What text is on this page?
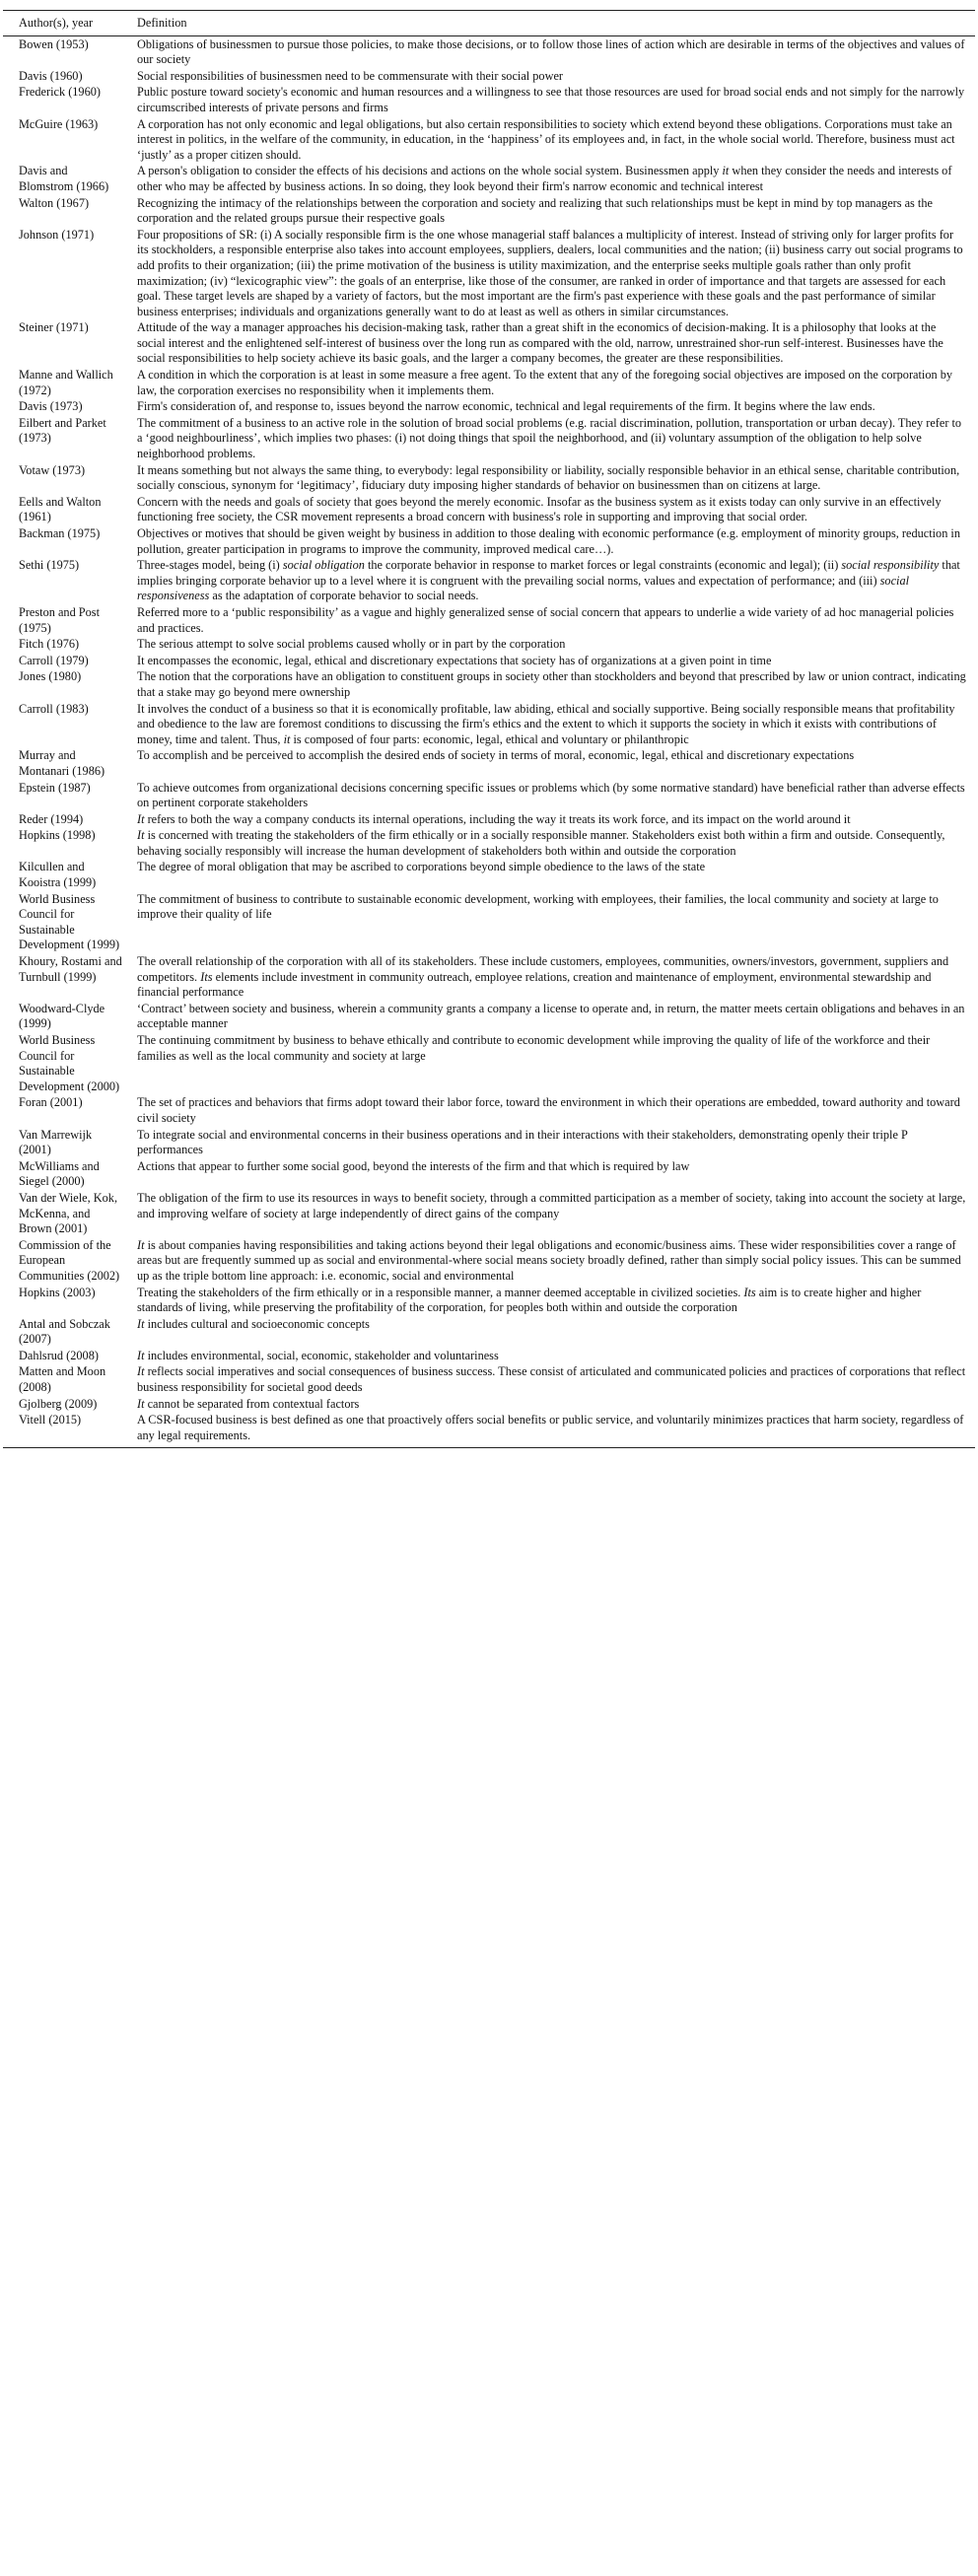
Author(s), year	Definition
Bowen (1953)	Obligations of businessmen to pursue those policies, to make those decisions, or to follow those lines of action which are desirable in terms of the objectives and values of our society
Davis (1960)	Social responsibilities of businessmen need to be commensurate with their social power
Frederick (1960)	Public posture toward society's economic and human resources and a willingness to see that those resources are used for broad social ends and not simply for the narrowly circumscribed interests of private persons and firms
McGuire (1963)	A corporation has not only economic and legal obligations, but also certain responsibilities to society which extend beyond these obligations. Corporations must take an interest in politics, in the welfare of the community, in education, in the ‘happiness’ of its employees and, in fact, in the whole social world. Therefore, business must act ‘justly’ as a proper citizen should.
Davis and Blomstrom (1966)	A person's obligation to consider the effects of his decisions and actions on the whole social system. Businessmen apply it when they consider the needs and interests of other who may be affected by business actions. In so doing, they look beyond their firm's narrow economic and technical interest
Walton (1967)	Recognizing the intimacy of the relationships between the corporation and society and realizing that such relationships must be kept in mind by top managers as the corporation and the related groups pursue their respective goals
Johnson (1971)	Four propositions of SR: (i) A socially responsible firm is the one whose managerial staff balances a multiplicity of interest. Instead of striving only for larger profits for its stockholders, a responsible enterprise also takes into account employees, suppliers, dealers, local communities and the nation; (ii) business carry out social programs to add profits to their organization; (iii) the prime motivation of the business is utility maximization, and the enterprise seeks multiple goals rather than only profit maximization; (iv) “lexicographic view”: the goals of an enterprise, like those of the consumer, are ranked in order of importance and that targets are assessed for each goal. These target levels are shaped by a variety of factors, but the most important are the firm's past experience with these goals and the past performance of similar business enterprises; individuals and organizations generally want to do at least as well as others in similar circumstances.
Steiner (1971)	Attitude of the way a manager approaches his decision-making task, rather than a great shift in the economics of decision-making. It is a philosophy that looks at the social interest and the enlightened self-interest of business over the long run as compared with the old, narrow, unrestrained shor-run self-interest. Businesses have the social responsibilities to help society achieve its basic goals, and the larger a company becomes, the greater are these responsibilities.
Manne and Wallich (1972)	A condition in which the corporation is at least in some measure a free agent. To the extent that any of the foregoing social objectives are imposed on the corporation by law, the corporation exercises no responsibility when it implements them.
Davis (1973)	Firm's consideration of, and response to, issues beyond the narrow economic, technical and legal requirements of the firm. It begins where the law ends.
Eilbert and Parket (1973)	The commitment of a business to an active role in the solution of broad social problems (e.g. racial discrimination, pollution, transportation or urban decay). They refer to a ‘good neighbourliness’, which implies two phases: (i) not doing things that spoil the neighborhood, and (ii) voluntary assumption of the obligation to help solve neighborhood problems.
Votaw (1973)	It means something but not always the same thing, to everybody: legal responsibility or liability, socially responsible behavior in an ethical sense, charitable contribution, socially conscious, synonym for ‘legitimacy’, fiduciary duty imposing higher standards of behavior on businessmen than on citizens at large.
Eells and Walton (1961)	Concern with the needs and goals of society that goes beyond the merely economic. Insofar as the business system as it exists today can only survive in an effectively functioning free society, the CSR movement represents a broad concern with business's role in supporting and improving that social order.
Backman (1975)	Objectives or motives that should be given weight by business in addition to those dealing with economic performance (e.g. employment of minority groups, reduction in pollution, greater participation in programs to improve the community, improved medical care…).
Sethi (1975)	Three-stages model, being (i) social obligation the corporate behavior in response to market forces or legal constraints (economic and legal); (ii) social responsibility that implies bringing corporate behavior up to a level where it is congruent with the prevailing social norms, values and expectation of performance; and (iii) social responsiveness as the adaptation of corporate behavior to social needs.
Preston and Post (1975)	Referred more to a ‘public responsibility’ as a vague and highly generalized sense of social concern that appears to underlie a wide variety of ad hoc managerial policies and practices.
Fitch (1976)	The serious attempt to solve social problems caused wholly or in part by the corporation
Carroll (1979)	It encompasses the economic, legal, ethical and discretionary expectations that society has of organizations at a given point in time
Jones (1980)	The notion that the corporations have an obligation to constituent groups in society other than stockholders and beyond that prescribed by law or union contract, indicating that a stake may go beyond mere ownership
Carroll (1983)	It involves the conduct of a business so that it is economically profitable, law abiding, ethical and socially supportive. Being socially responsible means that profitability and obedience to the law are foremost conditions to discussing the firm's ethics and the extent to which it supports the society in which it exists with contributions of money, time and talent. Thus, it is composed of four parts: economic, legal, ethical and voluntary or philanthropic
Murray and Montanari (1986)	To accomplish and be perceived to accomplish the desired ends of society in terms of moral, economic, legal, ethical and discretionary expectations
Epstein (1987)	To achieve outcomes from organizational decisions concerning specific issues or problems which (by some normative standard) have beneficial rather than adverse effects on pertinent corporate stakeholders
Reder (1994)	It refers to both the way a company conducts its internal operations, including the way it treats its work force, and its impact on the world around it
Hopkins (1998)	It is concerned with treating the stakeholders of the firm ethically or in a socially responsible manner. Stakeholders exist both within a firm and outside. Consequently, behaving socially responsibly will increase the human development of stakeholders both within and outside the corporation
Kilcullen and Kooistra (1999)	The degree of moral obligation that may be ascribed to corporations beyond simple obedience to the laws of the state
World Business Council for Sustainable Development (1999)	The commitment of business to contribute to sustainable economic development, working with employees, their families, the local community and society at large to improve their quality of life
Khoury, Rostami and Turnbull (1999)	The overall relationship of the corporation with all of its stakeholders. These include customers, employees, communities, owners/investors, government, suppliers and competitors. Its elements include investment in community outreach, employee relations, creation and maintenance of employment, environmental stewardship and financial performance
Woodward-Clyde (1999)	‘Contract’ between society and business, wherein a community grants a company a license to operate and, in return, the matter meets certain obligations and behaves in an acceptable manner
World Business Council for Sustainable Development (2000)	The continuing commitment by business to behave ethically and contribute to economic development while improving the quality of life of the workforce and their families as well as the local community and society at large
Foran (2001)	The set of practices and behaviors that firms adopt toward their labor force, toward the environment in which their operations are embedded, toward authority and toward civil society
Van Marrewijk (2001)	To integrate social and environmental concerns in their business operations and in their interactions with their stakeholders, demonstrating openly their triple P performances
McWilliams and Siegel (2000)	Actions that appear to further some social good, beyond the interests of the firm and that which is required by law
Van der Wiele, Kok, McKenna, and Brown (2001)	The obligation of the firm to use its resources in ways to benefit society, through a committed participation as a member of society, taking into account the society at large, and improving welfare of society at large independently of direct gains of the company
Commission of the European Communities (2002)	It is about companies having responsibilities and taking actions beyond their legal obligations and economic/business aims. These wider responsibilities cover a range of areas but are frequently summed up as social and environmental-where social means society broadly defined, rather than simply social policy issues. This can be summed up as the triple bottom line approach: i.e. economic, social and environmental
Hopkins (2003)	Treating the stakeholders of the firm ethically or in a responsible manner, a manner deemed acceptable in civilized societies. Its aim is to create higher and higher standards of living, while preserving the profitability of the corporation, for peoples both within and outside the corporation
Antal and Sobczak (2007)	It includes cultural and socioeconomic concepts
Dahlsrud (2008)	It includes environmental, social, economic, stakeholder and voluntariness
Matten and Moon (2008)	It reflects social imperatives and social consequences of business success. These consist of articulated and communicated policies and practices of corporations that reflect business responsibility for societal good deeds
Gjolberg (2009)	It cannot be separated from contextual factors
Vitell (2015)	A CSR-focused business is best defined as one that proactively offers social benefits or public service, and voluntarily minimizes practices that harm society, regardless of any legal requirements.
